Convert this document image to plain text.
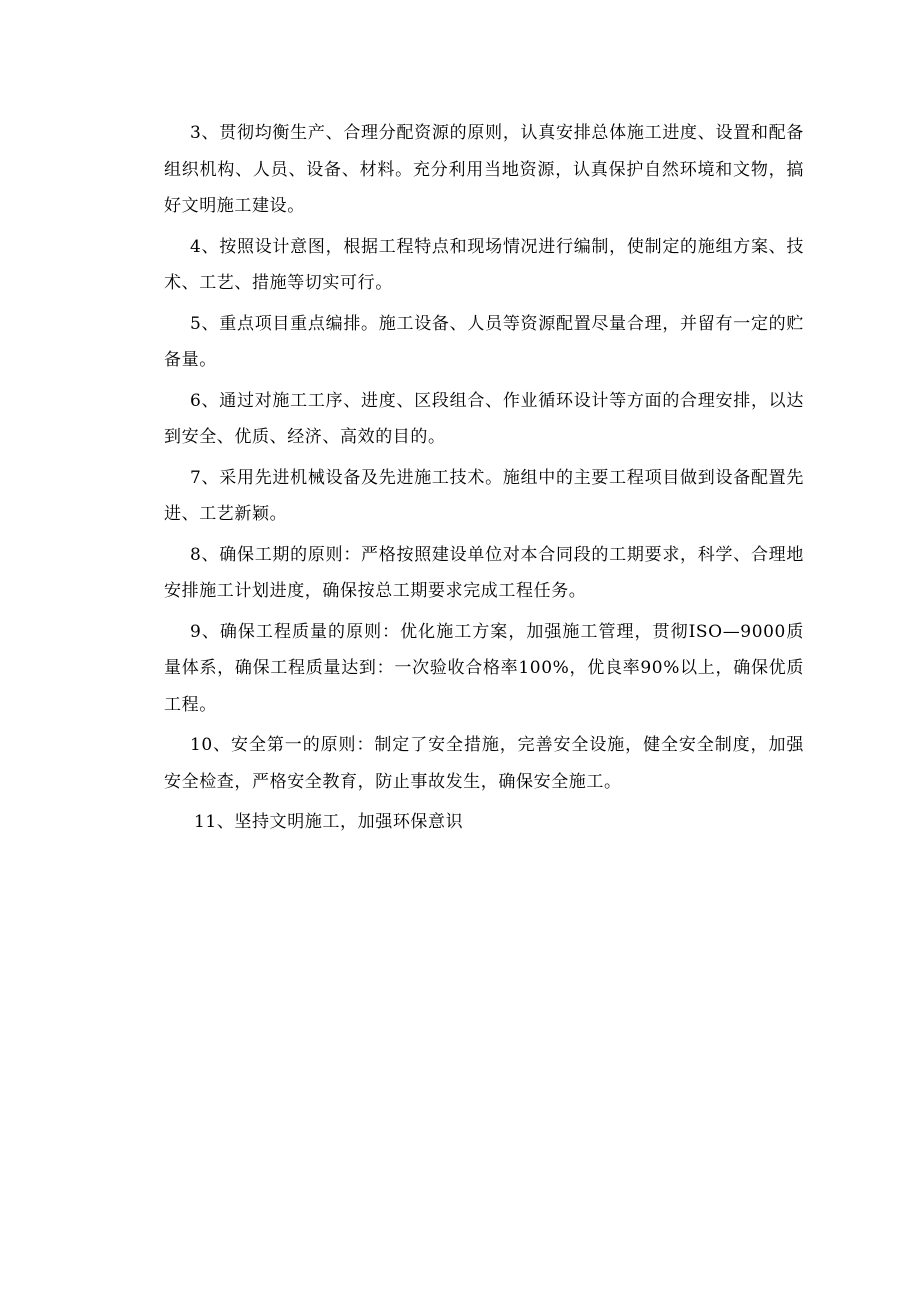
3、贯彻均衡生产、合理分配资源的原则，认真安排总体施工进度、设置和配备组织机构、人员、设备、材料。充分利用当地资源，认真保护自然环境和文物，搞好文明施工建设。

4、按照设计意图，根据工程特点和现场情况进行编制，使制定的施组方案、技术、工艺、措施等切实可行。

5、重点项目重点编排。施工设备、人员等资源配置尽量合理，并留有一定的贮备量。

6、通过对施工工序、进度、区段组合、作业循环设计等方面的合理安排，以达到安全、优质、经济、高效的目的。

7、采用先进机械设备及先进施工技术。施组中的主要工程项目做到设备配置先进、工艺新颖。

8、确保工期的原则：严格按照建设单位对本合同段的工期要求，科学、合理地安排施工计划进度，确保按总工期要求完成工程任务。

9、确保工程质量的原则：优化施工方案，加强施工管理，贯彻ISO—9000质量体系，确保工程质量达到：一次验收合格率100%，优良率90%以上，确保优质工程。

10、安全第一的原则：制定了安全措施，完善安全设施，健全安全制度，加强安全检查，严格安全教育，防止事故发生，确保安全施工。

11、坚持文明施工，加强环保意识
